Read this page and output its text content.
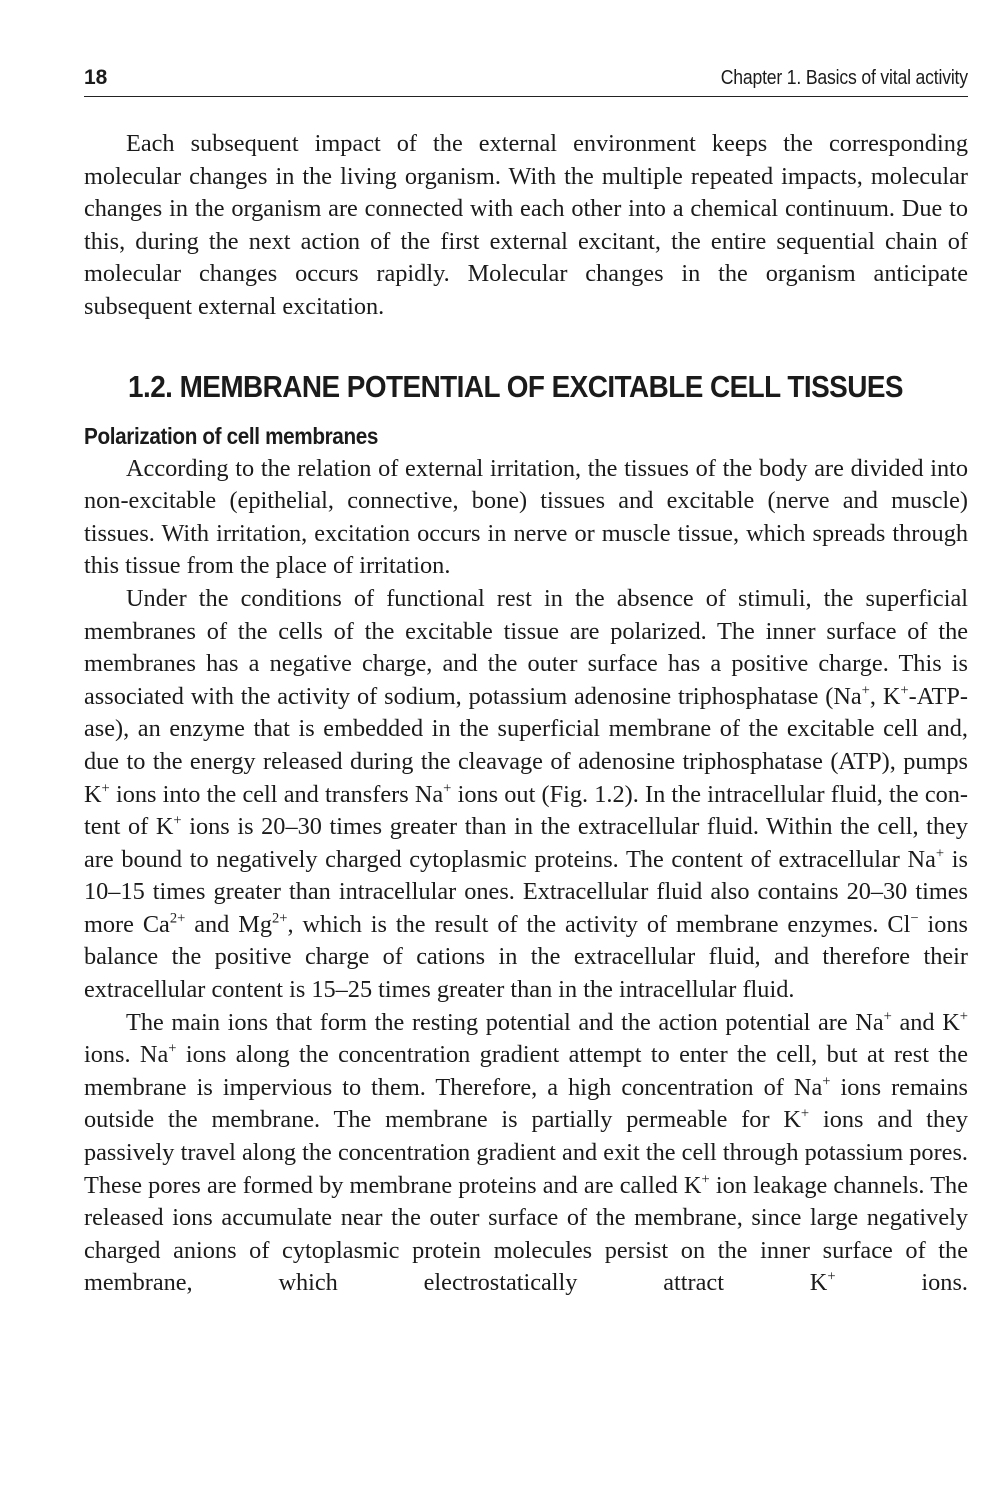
18	Chapter 1. Basics of vital activity

Each subsequent impact of the external environment keeps the corresponding molecular changes in the living organism. With the multiple repeated impacts, molecular changes in the organism are connected with each other into a chemical continuum. Due to this, during the next action of the first external excitant, the entire sequential chain of molecular changes occurs rapidly. Molecular changes in the organism anticipate subsequent external excitation.

1.2. MEMBRANE POTENTIAL OF EXCITABLE CELL TISSUES
Polarization of cell membranes

According to the relation of external irritation, the tissues of the body are divided into non-excitable (epithelial, connective, bone) tissues and excitable (nerve and muscle) tissues. With irritation, excitation occurs in nerve or muscle tissue, which spreads through this tissue from the place of irritation.

Under the conditions of functional rest in the absence of stimuli, the superficial membranes of the cells of the excitable tissue are polarized. The inner surface of the membranes has a negative charge, and the outer surface has a positive charge. This is associated with the activity of sodium, potassium adenosine triphosphatase (Na+, K+-ATP-ase), an enzyme that is embedded in the superficial membrane of the excitable cell and, due to the energy released during the cleavage of adenosine triphosphatase (ATP), pumps K+ ions into the cell and transfers Na+ ions out (Fig. 1.2). In the intracellular fluid, the content of K+ ions is 20–30 times greater than in the extracellular fluid. Within the cell, they are bound to negatively charged cytoplasmic proteins. The content of extracellular Na+ is 10–15 times greater than intracellular ones. Extracellular fluid also contains 20–30 times more $Ca^{2+}$ and $Mg^{2+}$, which is the result of the activity of membrane enzymes. Cl− ions balance the positive charge of cations in the extracellular fluid, and therefore their extracellular content is 15–25 times greater than in the intracellular fluid.

The main ions that form the resting potential and the action potential are Na+ and K+ ions. Na+ ions along the concentration gradient attempt to enter the cell, but at rest the membrane is impervious to them. Therefore, a high concentration of Na+ ions remains outside the membrane. The membrane is partially permeable for K+ ions and they passively travel along the concentration gradient and exit the cell through potassium pores. These pores are formed by membrane proteins and are called K+ ion leakage channels. The released ions accumulate near the outer surface of the membrane, since large negatively charged anions of cytoplasmic protein molecules persist on the inner surface of the membrane, which electrostatically attract K+ ions.
